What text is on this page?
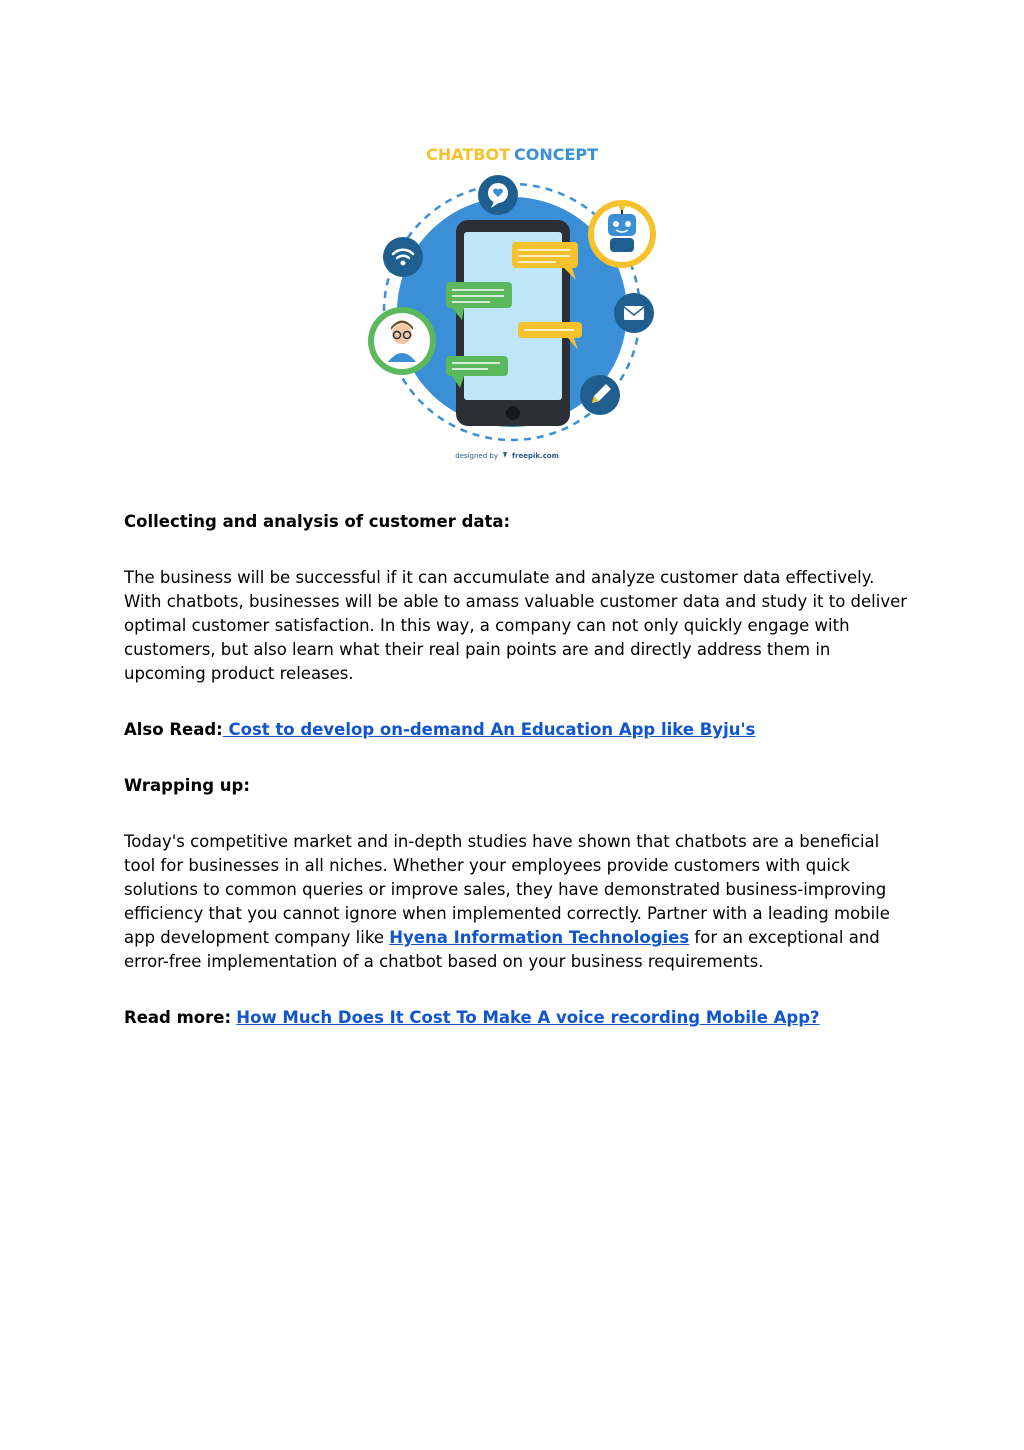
CHATBOT CONCEPT
designed by freepik.com

Collecting and analysis of customer data:

The business will be successful if it can accumulate and analyze customer data effectively. With chatbots, businesses will be able to amass valuable customer data and study it to deliver optimal customer satisfaction. In this way, a company can not only quickly engage with customers, but also learn what their real pain points are and directly address them in upcoming product releases.

Also Read: Cost to develop on-demand An Education App like Byju's

Wrapping up:

Today's competitive market and in-depth studies have shown that chatbots are a beneficial tool for businesses in all niches. Whether your employees provide customers with quick solutions to common queries or improve sales, they have demonstrated business-improving efficiency that you cannot ignore when implemented correctly. Partner with a leading mobile app development company like Hyena Information Technologies for an exceptional and error-free implementation of a chatbot based on your business requirements.

Read more: How Much Does It Cost To Make A voice recording Mobile App?
